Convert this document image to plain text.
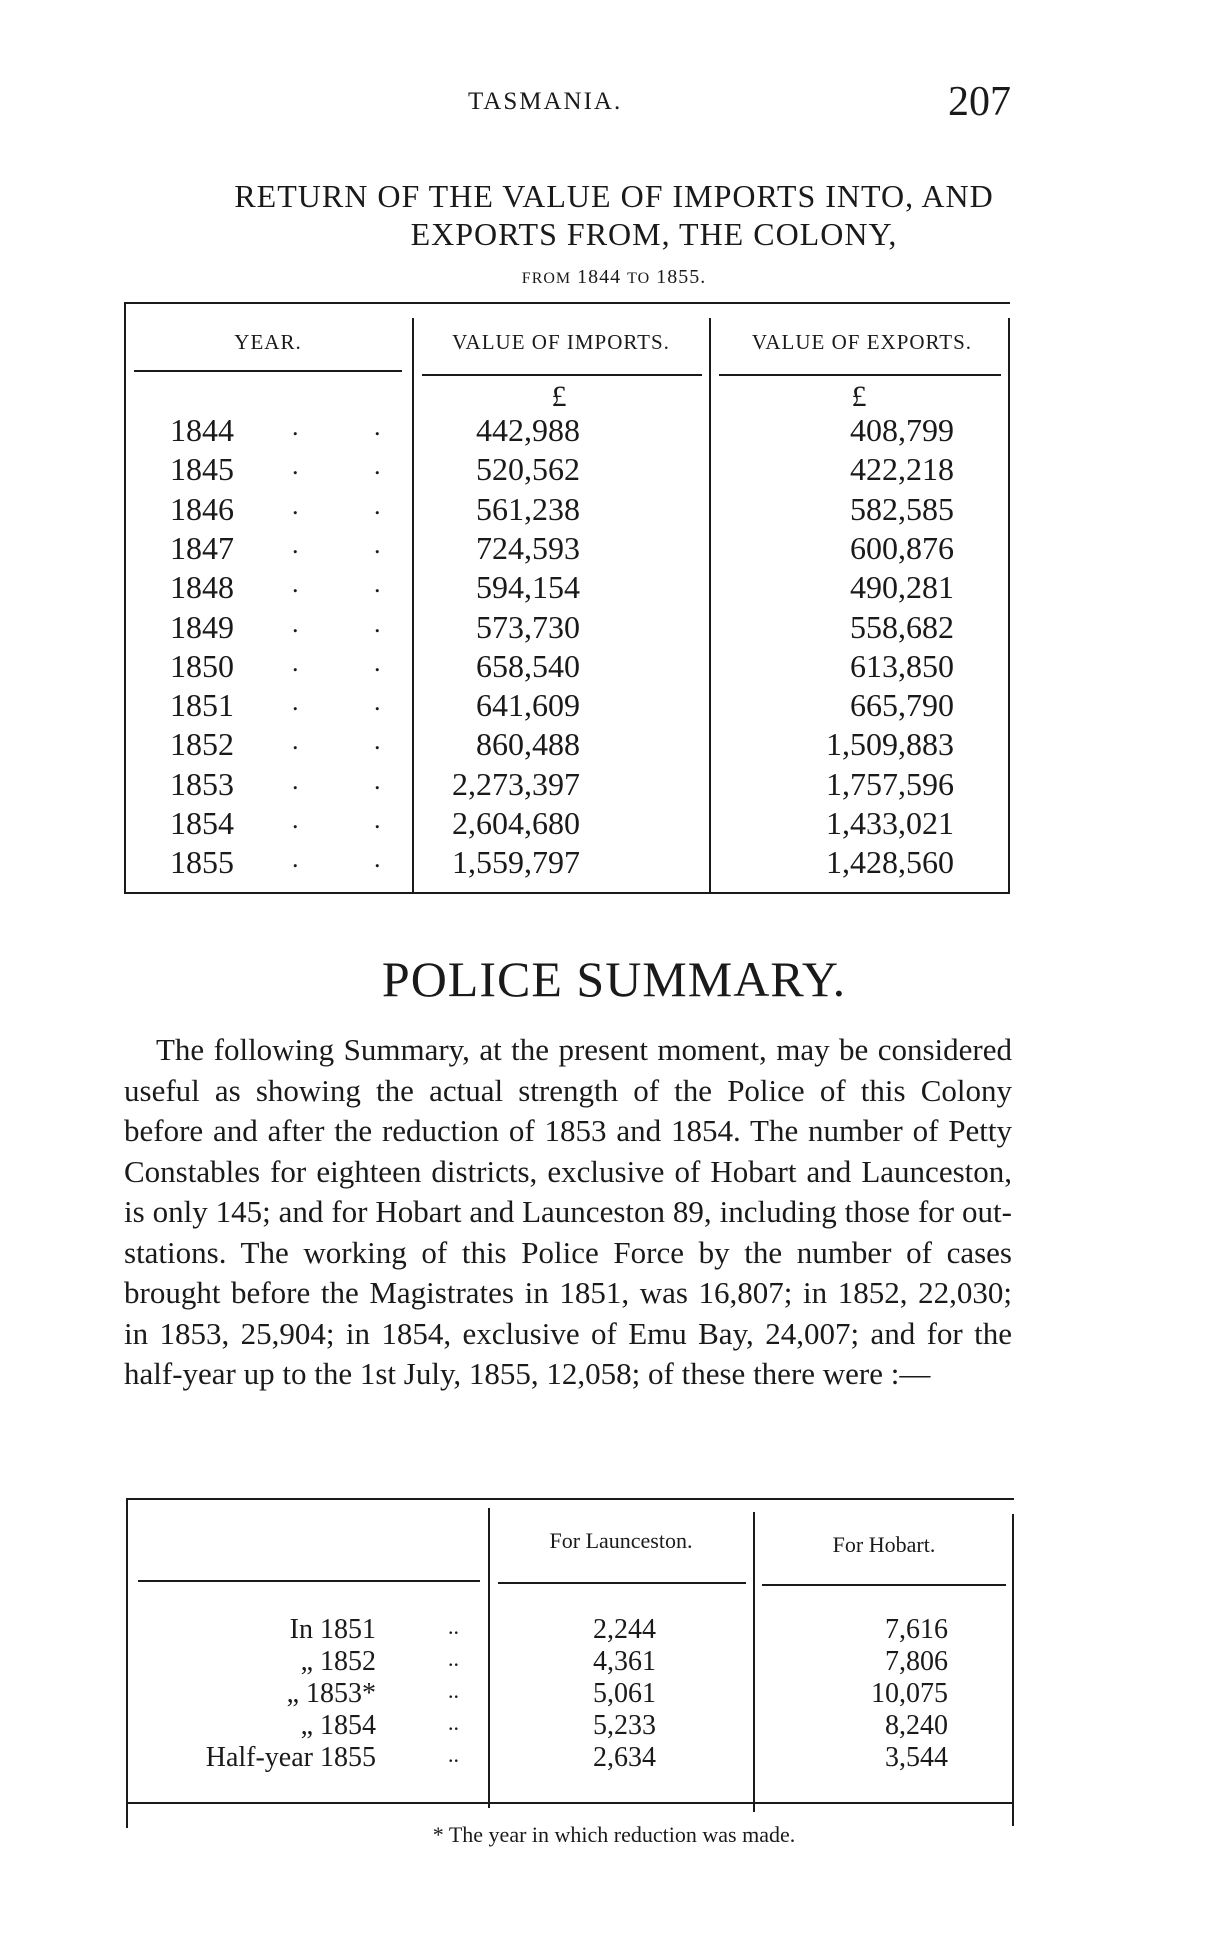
TASMANIA.	207
RETURN OF THE VALUE OF IMPORTS INTO, AND
EXPORTS FROM, THE COLONY,
FROM 1844 TO 1855.
YEAR.	VALUE OF IMPORTS.	VALUE OF EXPORTS.
£	£
1844 .	.	442,988	408,799
1845 .	.	520,562	422,218
1846 .	.	561,238	582,585
1847 .	.	724,593	600,876
1848 .	.	594,154	490,281
1849 .	.	573,730	558,682
1850 .	.	658,540	613,850
1851 .	.	641,609	665,790
1852 .	.	860,488	1,509,883
1853 .	.	2,273,397	1,757,596
1854 .	.	2,604,680	1,433,021
1855 .	.	1,559,797	1,428,560
POLICE SUMMARY.

The following Summary, at the present moment, may be considered useful as showing the actual strength of the Police of this Colony before and after the reduction of 1853 and 1854. The number of Petty Constables for eighteen districts, exclusive of Hobart and Launceston, is only 145; and for Hobart and Launceston 89, including those for out-stations. The working of this Police Force by the number of cases brought before the Magistrates in 1851, was 16,807; in 1852, 22,030; in 1853, 25,904; in 1854, exclusive of Emu Bay, 24,007; and for the half-year up to the 1st July, 1855, 12,058; of these there were :—

For Launceston.	For Hobart.
In 1851	..	2,244	7,616
„ 1852	..	4,361	7,806
„ 1853*	..	5,061	10,075
„ 1854	..	5,233	8,240
Half-year 1855	..	2,634	3,544
* The year in which reduction was made.
